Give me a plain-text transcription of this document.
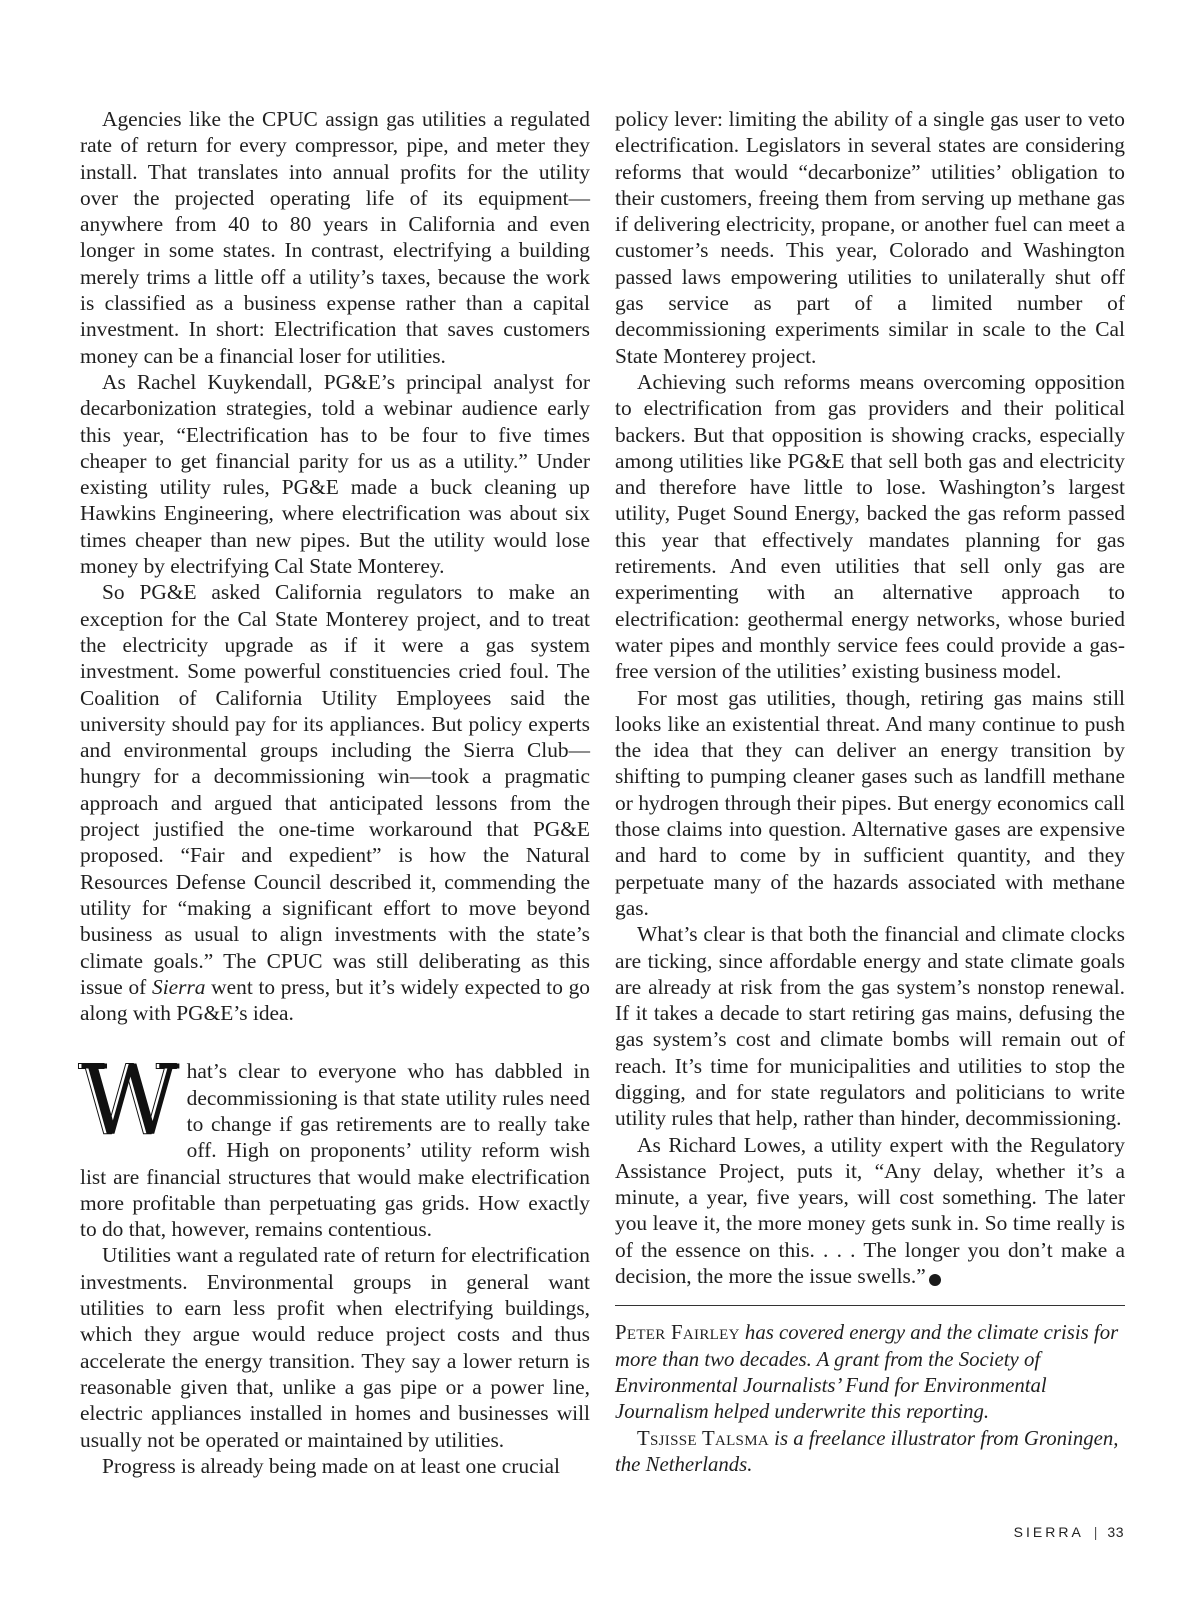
Agencies like the CPUC assign gas utilities a regulated rate of return for every compressor, pipe, and meter they install. That translates into annual profits for the utility over the projected operating life of its equipment—anywhere from 40 to 80 years in California and even longer in some states. In contrast, electrifying a building merely trims a little off a utility’s taxes, because the work is classified as a business expense rather than a capital investment. In short: Electrification that saves customers money can be a financial loser for utilities.

As Rachel Kuykendall, PG&E’s principal analyst for decarbonization strategies, told a webinar audience early this year, “Electrification has to be four to five times cheaper to get financial parity for us as a utility.” Under existing utility rules, PG&E made a buck cleaning up Hawkins Engineering, where electrification was about six times cheaper than new pipes. But the utility would lose money by electrifying Cal State Monterey.

So PG&E asked California regulators to make an exception for the Cal State Monterey project, and to treat the electricity upgrade as if it were a gas system investment. Some powerful constituencies cried foul. The Coalition of California Utility Employees said the university should pay for its appliances. But policy experts and environmental groups including the Sierra Club—hungry for a decommissioning win—took a pragmatic approach and argued that anticipated lessons from the project justified the one-time workaround that PG&E proposed. “Fair and expedient” is how the Natural Resources Defense Council described it, commending the utility for “making a significant effort to move beyond business as usual to align investments with the state’s climate goals.” The CPUC was still deliberating as this issue of Sierra went to press, but it’s widely expected to go along with PG&E’s idea.

What’s clear to everyone who has dabbled in decommissioning is that state utility rules need to change if gas retirements are to really take off. High on proponents’ utility reform wish list are financial structures that would make electrification more profitable than perpetuating gas grids. How exactly to do that, however, remains contentious.

Utilities want a regulated rate of return for electrification investments. Environmental groups in general want utilities to earn less profit when electrifying buildings, which they argue would reduce project costs and thus accelerate the energy transition. They say a lower return is reasonable given that, unlike a gas pipe or a power line, electric appliances installed in homes and businesses will usually not be operated or maintained by utilities.

Progress is already being made on at least one crucial

policy lever: limiting the ability of a single gas user to veto electrification. Legislators in several states are considering reforms that would “decarbonize” utilities’ obligation to their customers, freeing them from serving up methane gas if delivering electricity, propane, or another fuel can meet a customer’s needs. This year, Colorado and Washington passed laws empowering utilities to unilaterally shut off gas service as part of a limited number of decommissioning experiments similar in scale to the Cal State Monterey project.

Achieving such reforms means overcoming opposition to electrification from gas providers and their political backers. But that opposition is showing cracks, especially among utilities like PG&E that sell both gas and electricity and therefore have little to lose. Washington’s largest utility, Puget Sound Energy, backed the gas reform passed this year that effectively mandates planning for gas retirements. And even utilities that sell only gas are experimenting with an alternative approach to electrification: geothermal energy networks, whose buried water pipes and monthly service fees could provide a gas-free version of the utilities’ existing business model.

For most gas utilities, though, retiring gas mains still looks like an existential threat. And many continue to push the idea that they can deliver an energy transition by shifting to pumping cleaner gases such as landfill methane or hydrogen through their pipes. But energy economics call those claims into question. Alternative gases are expensive and hard to come by in sufficient quantity, and they perpetuate many of the hazards associated with methane gas.

What’s clear is that both the financial and climate clocks are ticking, since affordable energy and state climate goals are already at risk from the gas system’s nonstop renewal. If it takes a decade to start retiring gas mains, defusing the gas system’s cost and climate bombs will remain out of reach. It’s time for municipalities and utilities to stop the digging, and for state regulators and politicians to write utility rules that help, rather than hinder, decommissioning.

As Richard Lowes, a utility expert with the Regulatory Assistance Project, puts it, “Any delay, whether it’s a minute, a year, five years, will cost something. The later you leave it, the more money gets sunk in. So time really is of the essence on this. . . . The longer you don’t make a decision, the more the issue swells.”	S

Peter Fairley has covered energy and the climate crisis for more than two decades. A grant from the Society of Environmental Journalists’ Fund for Environmental Journalism helped underwrite this reporting.

Tsjisse Talsma is a freelance illustrator from Groningen, the Netherlands.

SIERRA | 33
